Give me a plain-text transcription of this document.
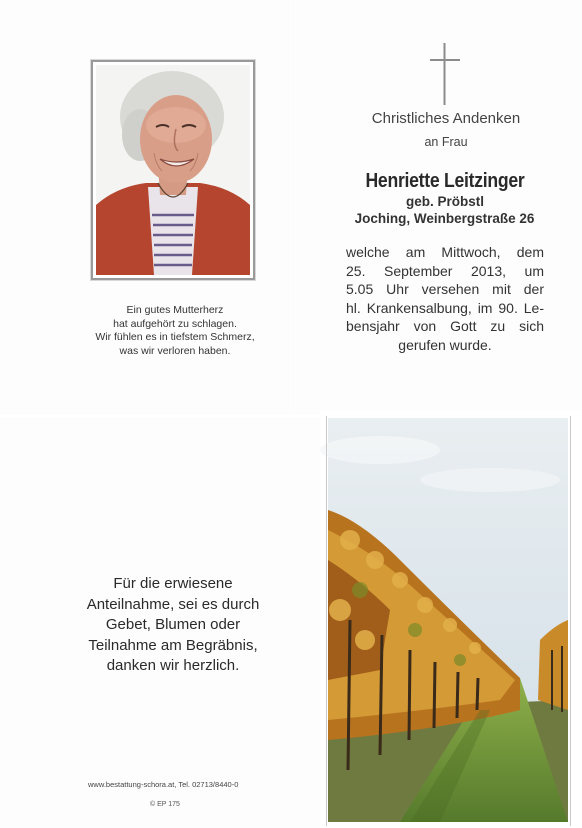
Ein gutes Mutterherz
hat aufgehört zu schlagen.
Wir fühlen es in tiefstem Schmerz,
was wir verloren haben.
Christliches Andenken
an Frau
Henriette Leitzinger
geb. Pröbstl
Joching, Weinbergstraße 26
welche am Mittwoch, dem
25. September 2013, um
5.05 Uhr versehen mit der
hl. Krankensalbung, im 90. Le-
bensjahr von Gott zu sich
gerufen wurde.
Für die erwiesene
Anteilnahme, sei es durch
Gebet, Blumen oder
Teilnahme am Begräbnis,
danken wir herzlich.
www.bestattung-schora.at, Tel. 02713/8440-0
© EP 175
